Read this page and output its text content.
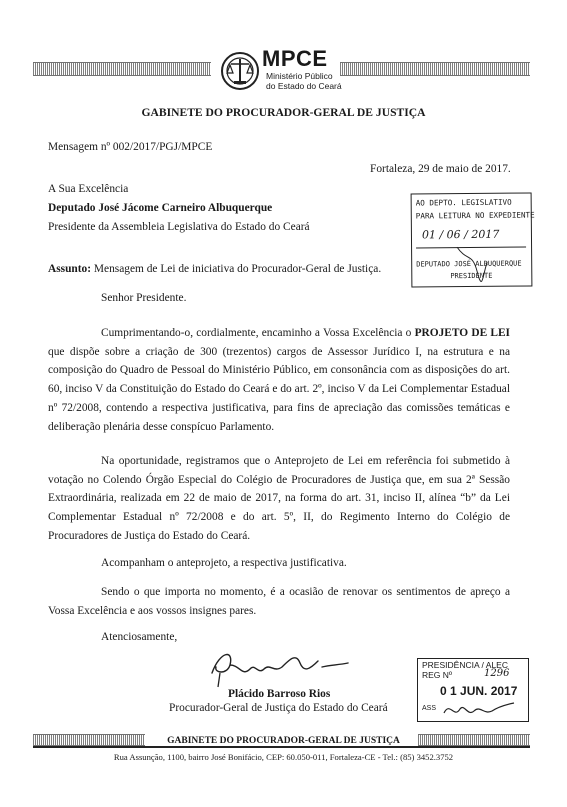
MPCE
Ministério Público
do Estado do Ceará
GABINETE DO PROCURADOR-GERAL DE JUSTIÇA
Mensagem nº 002/2017/PGJ/MPCE
Fortaleza, 29 de maio de 2017.
A Sua Excelência
Deputado José Jácome Carneiro Albuquerque
Presidente da Assembleia Legislativa do Estado do Ceará
Assunto: Mensagem de Lei de iniciativa do Procurador-Geral de Justiça.
Senhor Presidente.
AO DEPTO. LEGISLATIVO
PARA LEITURA NO EXPEDIENTE
01 / 06 / 2017
DEPUTADO JOSÉ ALBUQUERQUE
PRESIDENTE
Cumprimentando-o, cordialmente, encaminho a Vossa Excelência o PROJETO DE LEI que dispõe sobre a criação de 300 (trezentos) cargos de Assessor Jurídico I, na estrutura e na composição do Quadro de Pessoal do Ministério Público, em consonância com as disposições do art. 60, inciso V da Constituição do Estado do Ceará e do art. 2º, inciso V da Lei Complementar Estadual nº 72/2008, contendo a respectiva justificativa, para fins de apreciação das comissões temáticas e deliberação plenária desse conspícuo Parlamento.
Na oportunidade, registramos que o Anteprojeto de Lei em referência foi submetido à votação no Colendo Órgão Especial do Colégio de Procuradores de Justiça que, em sua 2ª Sessão Extraordinária, realizada em 22 de maio de 2017, na forma do art. 31, inciso II, alínea “b” da Lei Complementar Estadual nº 72/2008 e do art. 5º, II, do Regimento Interno do Colégio de Procuradores de Justiça do Estado do Ceará.
Acompanham o anteprojeto, a respectiva justificativa.
Sendo o que importa no momento, é a ocasião de renovar os sentimentos de apreço a Vossa Excelência e aos vossos insignes pares.
Atenciosamente,
Plácido Barroso Rios
Procurador-Geral de Justiça do Estado do Ceará
PRESIDÊNCIA / ALEC
REG Nº	1296
0 1 JUN. 2017
ASS
GABINETE DO PROCURADOR-GERAL DE JUSTIÇA
Rua Assunção, 1100, bairro José Bonifácio, CEP: 60.050-011, Fortaleza-CE - Tel.: (85) 3452.3752
